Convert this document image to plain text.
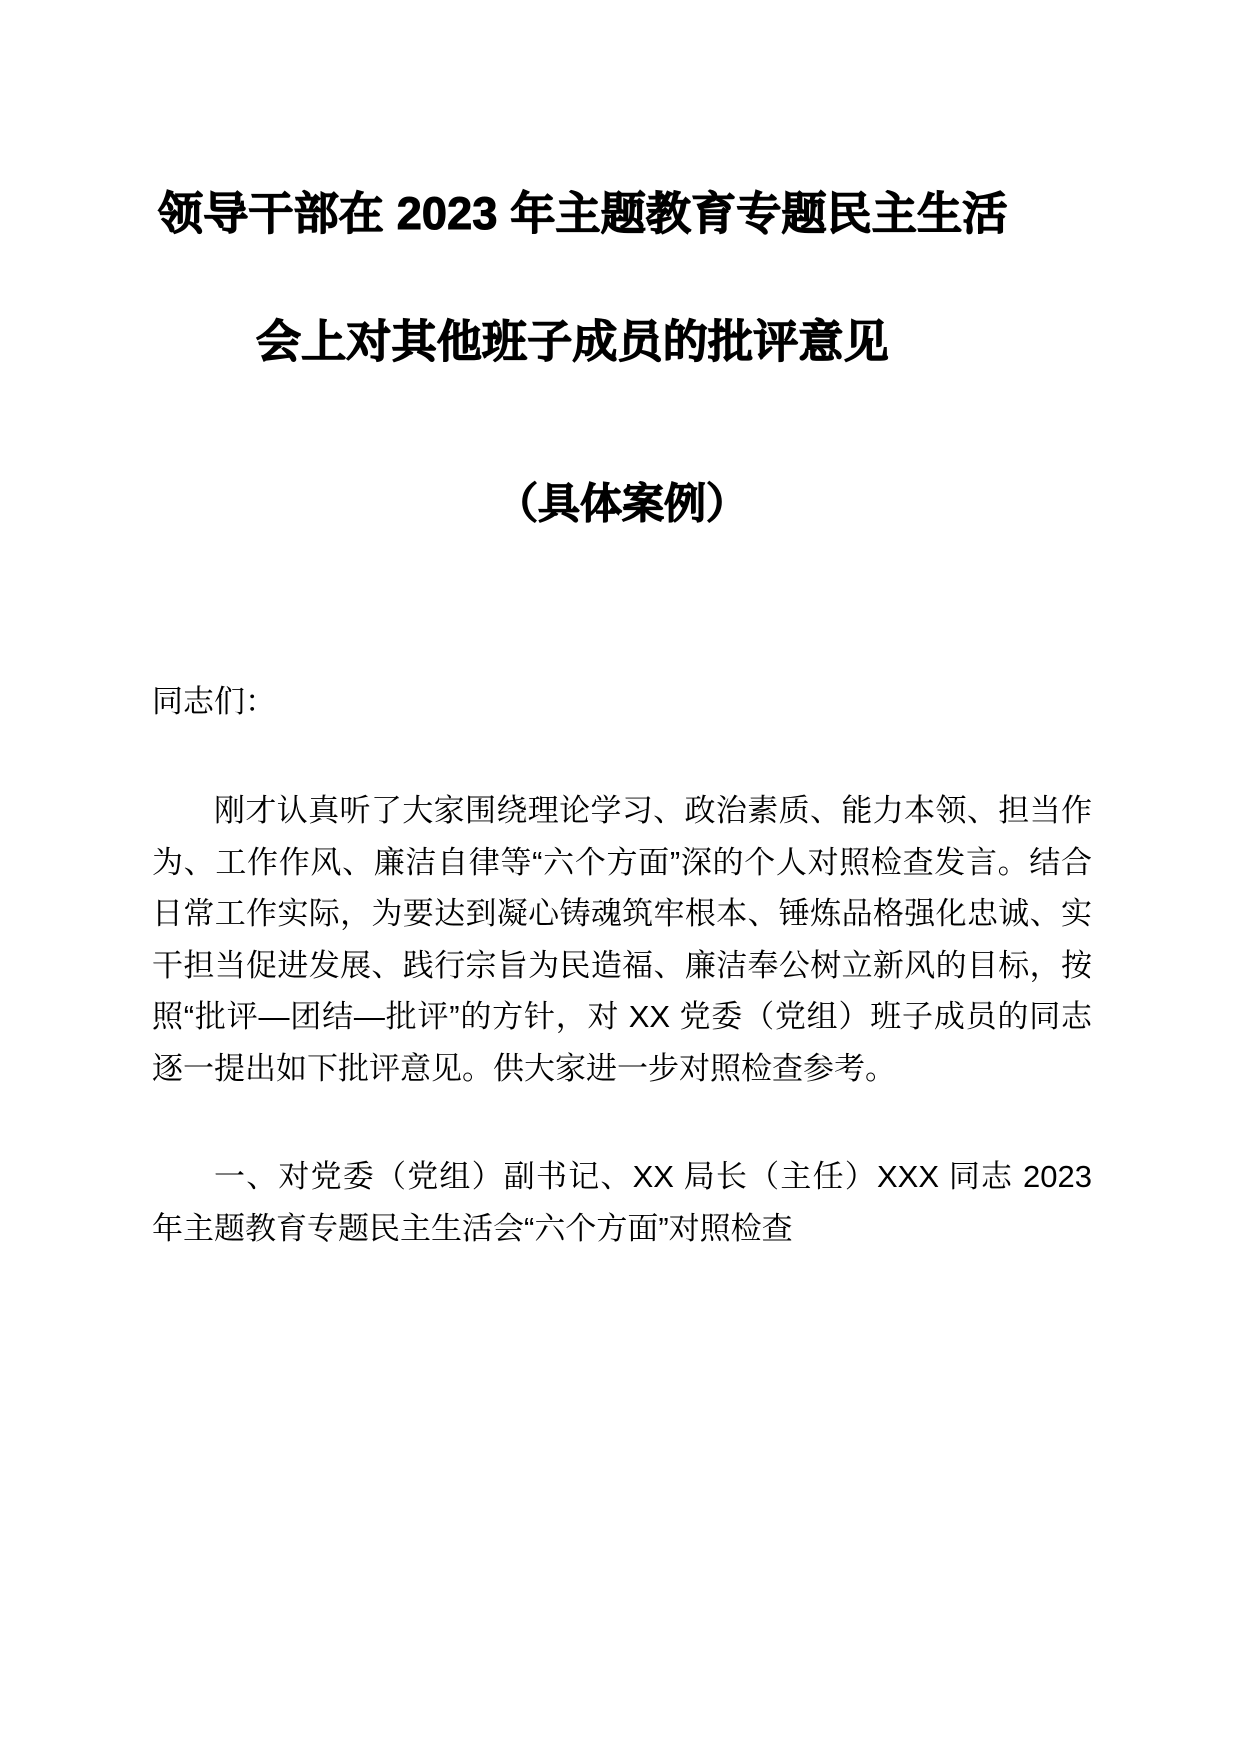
领导干部在 2023 年主题教育专题民主生活
会上对其他班子成员的批评意见
（具体案例）
同志们：

刚才认真听了大家围绕理论学习、政治素质、能力本领、担当作为、工作作风、廉洁自律等“六个方面”深的个人对照检查发言。结合日常工作实际，为要达到凝心铸魂筑牢根本、锤炼品格强化忠诚、实干担当促进发展、践行宗旨为民造福、廉洁奉公树立新风的目标，按照“批评—团结—批评”的方针，对 XX 党委（党组）班子成员的同志逐一提出如下批评意见。供大家进一步对照检查参考。

一、对党委（党组）副书记、XX 局长（主任）XXX 同志 2023 年主题教育专题民主生活会“六个方面”对照检查
